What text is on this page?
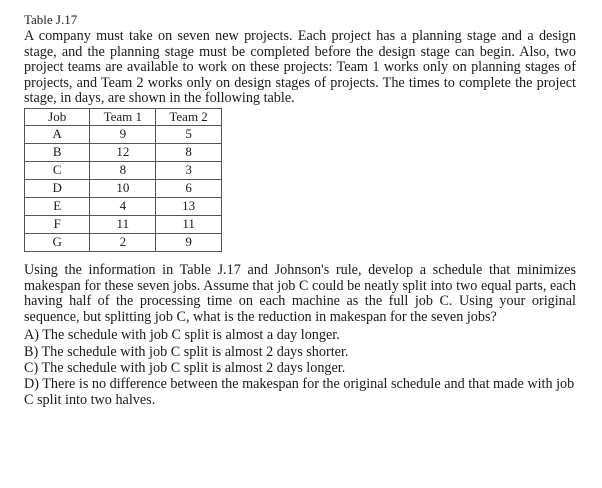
Table J.17

A company must take on seven new projects. Each project has a planning stage and a design stage, and the planning stage must be completed before the design stage can begin. Also, two project teams are available to work on these projects: Team 1 works only on planning stages of projects, and Team 2 works only on design stages of projects. The times to complete the project stage, in days, are shown in the following table.

Job	Team 1	Team 2
A	9	5
B	12	8
C	8	3
D	10	6
E	4	13
F	11	11
G	2	9

Using the information in Table J.17 and Johnson's rule, develop a schedule that minimizes makespan for these seven jobs. Assume that job C could be neatly split into two equal parts, each having half of the processing time on each machine as the full job C. Using your original sequence, but splitting job C, what is the reduction in makespan for the seven jobs?

A) The schedule with job C split is almost a day longer.
B) The schedule with job C split is almost 2 days shorter.
C) The schedule with job C split is almost 2 days longer.
D) There is no difference between the makespan for the original schedule and that made with job C split into two halves.
